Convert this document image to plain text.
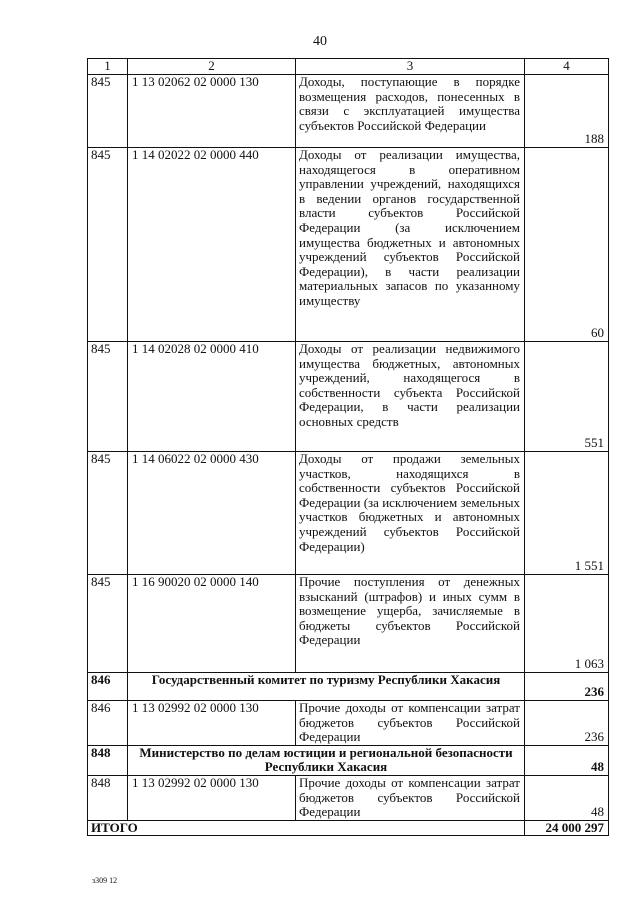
40
1	2	3	4
845	1 13 02062 02 0000 130	Доходы, поступающие в порядке возмещения расходов, понесенных в связи с эксплуатацией имущества субъектов Российской Федерации	188
845	1 14 02022 02 0000 440	Доходы от реализации имущества, находящегося в оперативном управлении учреждений, находящихся в ведении органов государственной власти субъектов Российской Федерации (за исключением имущества бюджетных и автономных учреждений субъектов Российской Федерации), в части реализации материальных запасов по указанному имуществу	60
845	1 14 02028 02 0000 410	Доходы от реализации недвижимого имущества бюджетных, автономных учреждений, находящегося в собственности субъекта Российской Федерации, в части реализации основных средств	551
845	1 14 06022 02 0000 430	Доходы от продажи земельных участков, находящихся в собственности субъектов Российской Федерации (за исключением земельных участков бюджетных и автономных учреждений субъектов Российской Федерации)	1 551
845	1 16 90020 02 0000 140	Прочие поступления от денежных взысканий (штрафов) и иных сумм в возмещение ущерба, зачисляемые в бюджеты субъектов Российской Федерации	1 063
846	Государственный комитет по туризму Республики Хакасия		236
846	1 13 02992 02 0000 130	Прочие доходы от компенсации затрат бюджетов субъектов Российской Федерации	236
848	Министерство по делам юстиции и региональной безопасности Республики Хакасия		48
848	1 13 02992 02 0000 130	Прочие доходы от компенсации затрат бюджетов субъектов Российской Федерации	48
ИТОГО			24 000 297
з309 12
